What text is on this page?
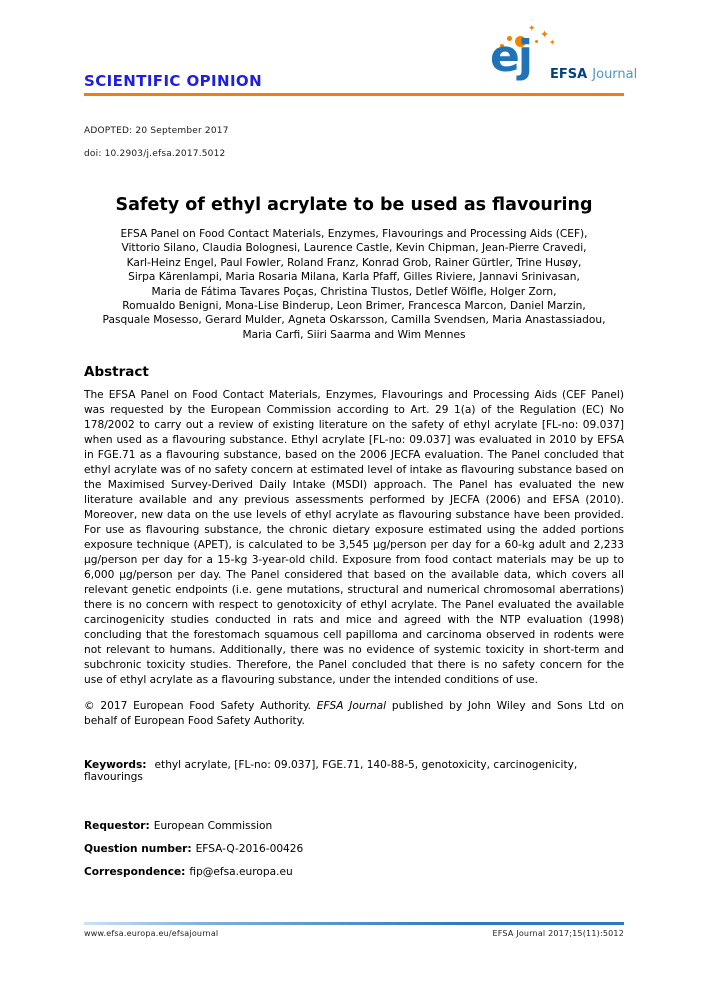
SCIENTIFIC OPINION
✦ ✦
✦
ej EFSA Journal
ADOPTED: 20 September 2017
doi: 10.2903/j.efsa.2017.5012
Safety of ethyl acrylate to be used as flavouring
EFSA Panel on Food Contact Materials, Enzymes, Flavourings and Processing Aids (CEF),
Vittorio Silano, Claudia Bolognesi, Laurence Castle, Kevin Chipman, Jean-Pierre Cravedi,
Karl-Heinz Engel, Paul Fowler, Roland Franz, Konrad Grob, Rainer Gürtler, Trine Husøy,
Sirpa Kärenlampi, Maria Rosaria Milana, Karla Pfaff, Gilles Riviere, Jannavi Srinivasan,
Maria de Fátima Tavares Poças, Christina Tlustos, Detlef Wölfle, Holger Zorn,
Romualdo Benigni, Mona-Lise Binderup, Leon Brimer, Francesca Marcon, Daniel Marzin,
Pasquale Mosesso, Gerard Mulder, Agneta Oskarsson, Camilla Svendsen, Maria Anastassiadou,
Maria Carfi, Siiri Saarma and Wim Mennes
Abstract

The EFSA Panel on Food Contact Materials, Enzymes, Flavourings and Processing Aids (CEF Panel) was requested by the European Commission according to Art. 29 1(a) of the Regulation (EC) No 178/2002 to carry out a review of existing literature on the safety of ethyl acrylate [FL-no: 09.037] when used as a flavouring substance. Ethyl acrylate [FL-no: 09.037] was evaluated in 2010 by EFSA in FGE.71 as a flavouring substance, based on the 2006 JECFA evaluation. The Panel concluded that ethyl acrylate was of no safety concern at estimated level of intake as flavouring substance based on the Maximised Survey-Derived Daily Intake (MSDI) approach. The Panel has evaluated the new literature available and any previous assessments performed by JECFA (2006) and EFSA (2010). Moreover, new data on the use levels of ethyl acrylate as flavouring substance have been provided. For use as flavouring substance, the chronic dietary exposure estimated using the added portions exposure technique (APET), is calculated to be 3,545 µg/person per day for a 60-kg adult and 2,233 µg/person per day for a 15-kg 3-year-old child. Exposure from food contact materials may be up to 6,000 µg/person per day. The Panel considered that based on the available data, which covers all relevant genetic endpoints (i.e. gene mutations, structural and numerical chromosomal aberrations) there is no concern with respect to genotoxicity of ethyl acrylate. The Panel evaluated the available carcinogenicity studies conducted in rats and mice and agreed with the NTP evaluation (1998) concluding that the forestomach squamous cell papilloma and carcinoma observed in rodents were not relevant to humans. Additionally, there was no evidence of systemic toxicity in short-term and subchronic toxicity studies. Therefore, the Panel concluded that there is no safety concern for the use of ethyl acrylate as a flavouring substance, under the intended conditions of use.

© 2017 European Food Safety Authority. EFSA Journal published by John Wiley and Sons Ltd on behalf of European Food Safety Authority.

Keywords: ethyl acrylate, [FL-no: 09.037], FGE.71, 140-88-5, genotoxicity, carcinogenicity, flavourings

Requestor: European Commission

Question number: EFSA-Q-2016-00426

Correspondence: fip@efsa.europa.eu

www.efsa.europa.eu/efsajournal	EFSA Journal 2017;15(11):5012
